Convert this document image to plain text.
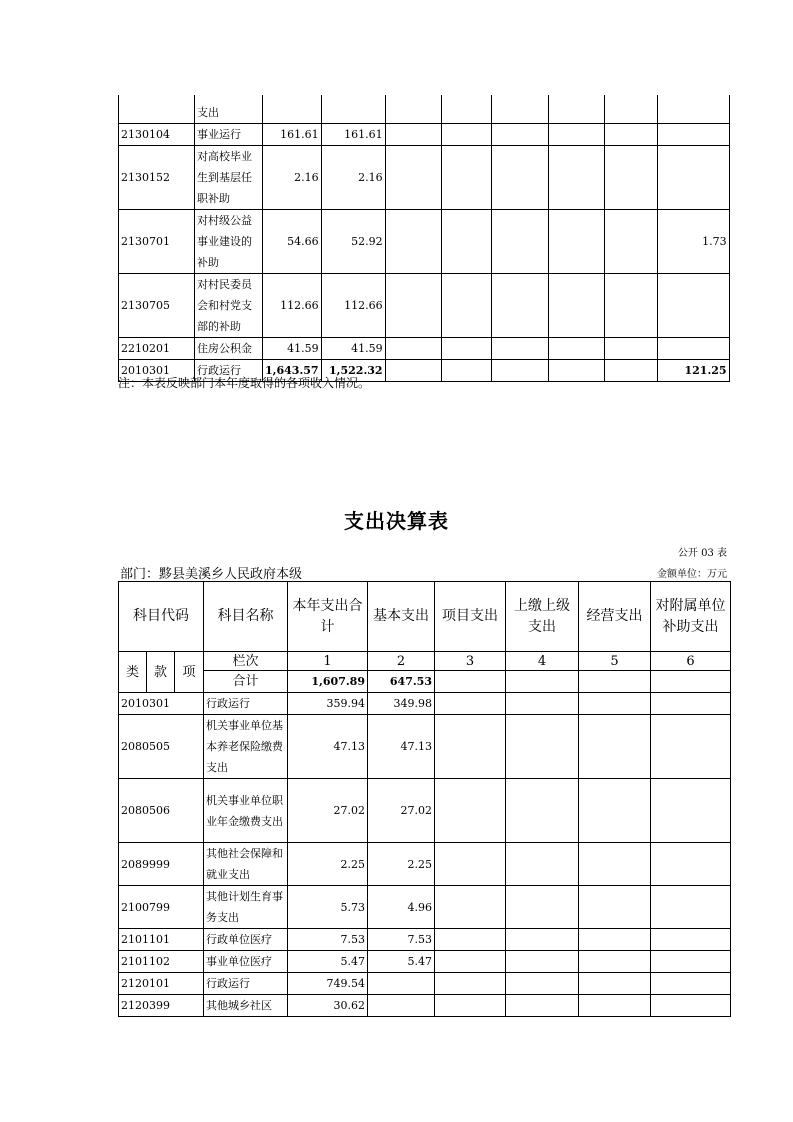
	支出								
2130104	事业运行	161.61	161.61						
2130152	对高校毕业生到基层任职补助	2.16	2.16						
2130701	对村级公益事业建设的补助	54.66	52.92						1.73
2130705	对村民委员会和村党支部的补助	112.66	112.66						
2210201	住房公积金	41.59	41.59						
2010301	行政运行	1,643.57	1,522.32						121.25
注：本表反映部门本年度取得的各项收入情况。
支出决算表
公开 03 表
部门：黟县美溪乡人民政府本级	金额单位：万元
科目代码			科目名称	本年支出合计	基本支出	项目支出	上缴上级支出	经营支出	对附属单位补助支出
类	款	项	栏次	1	2	3	4	5	6
			合计	1,607.89	647.53				
2010301			行政运行	359.94	349.98				
2080505			机关事业单位基本养老保险缴费支出	47.13	47.13				
2080506			机关事业单位职业年金缴费支出	27.02	27.02				
2089999			其他社会保障和就业支出	2.25	2.25				
2100799			其他计划生育事务支出	5.73	4.96				
2101101			行政单位医疗	7.53	7.53				
2101102			事业单位医疗	5.47	5.47				
2120101			行政运行	749.54					
2120399			其他城乡社区	30.62					
